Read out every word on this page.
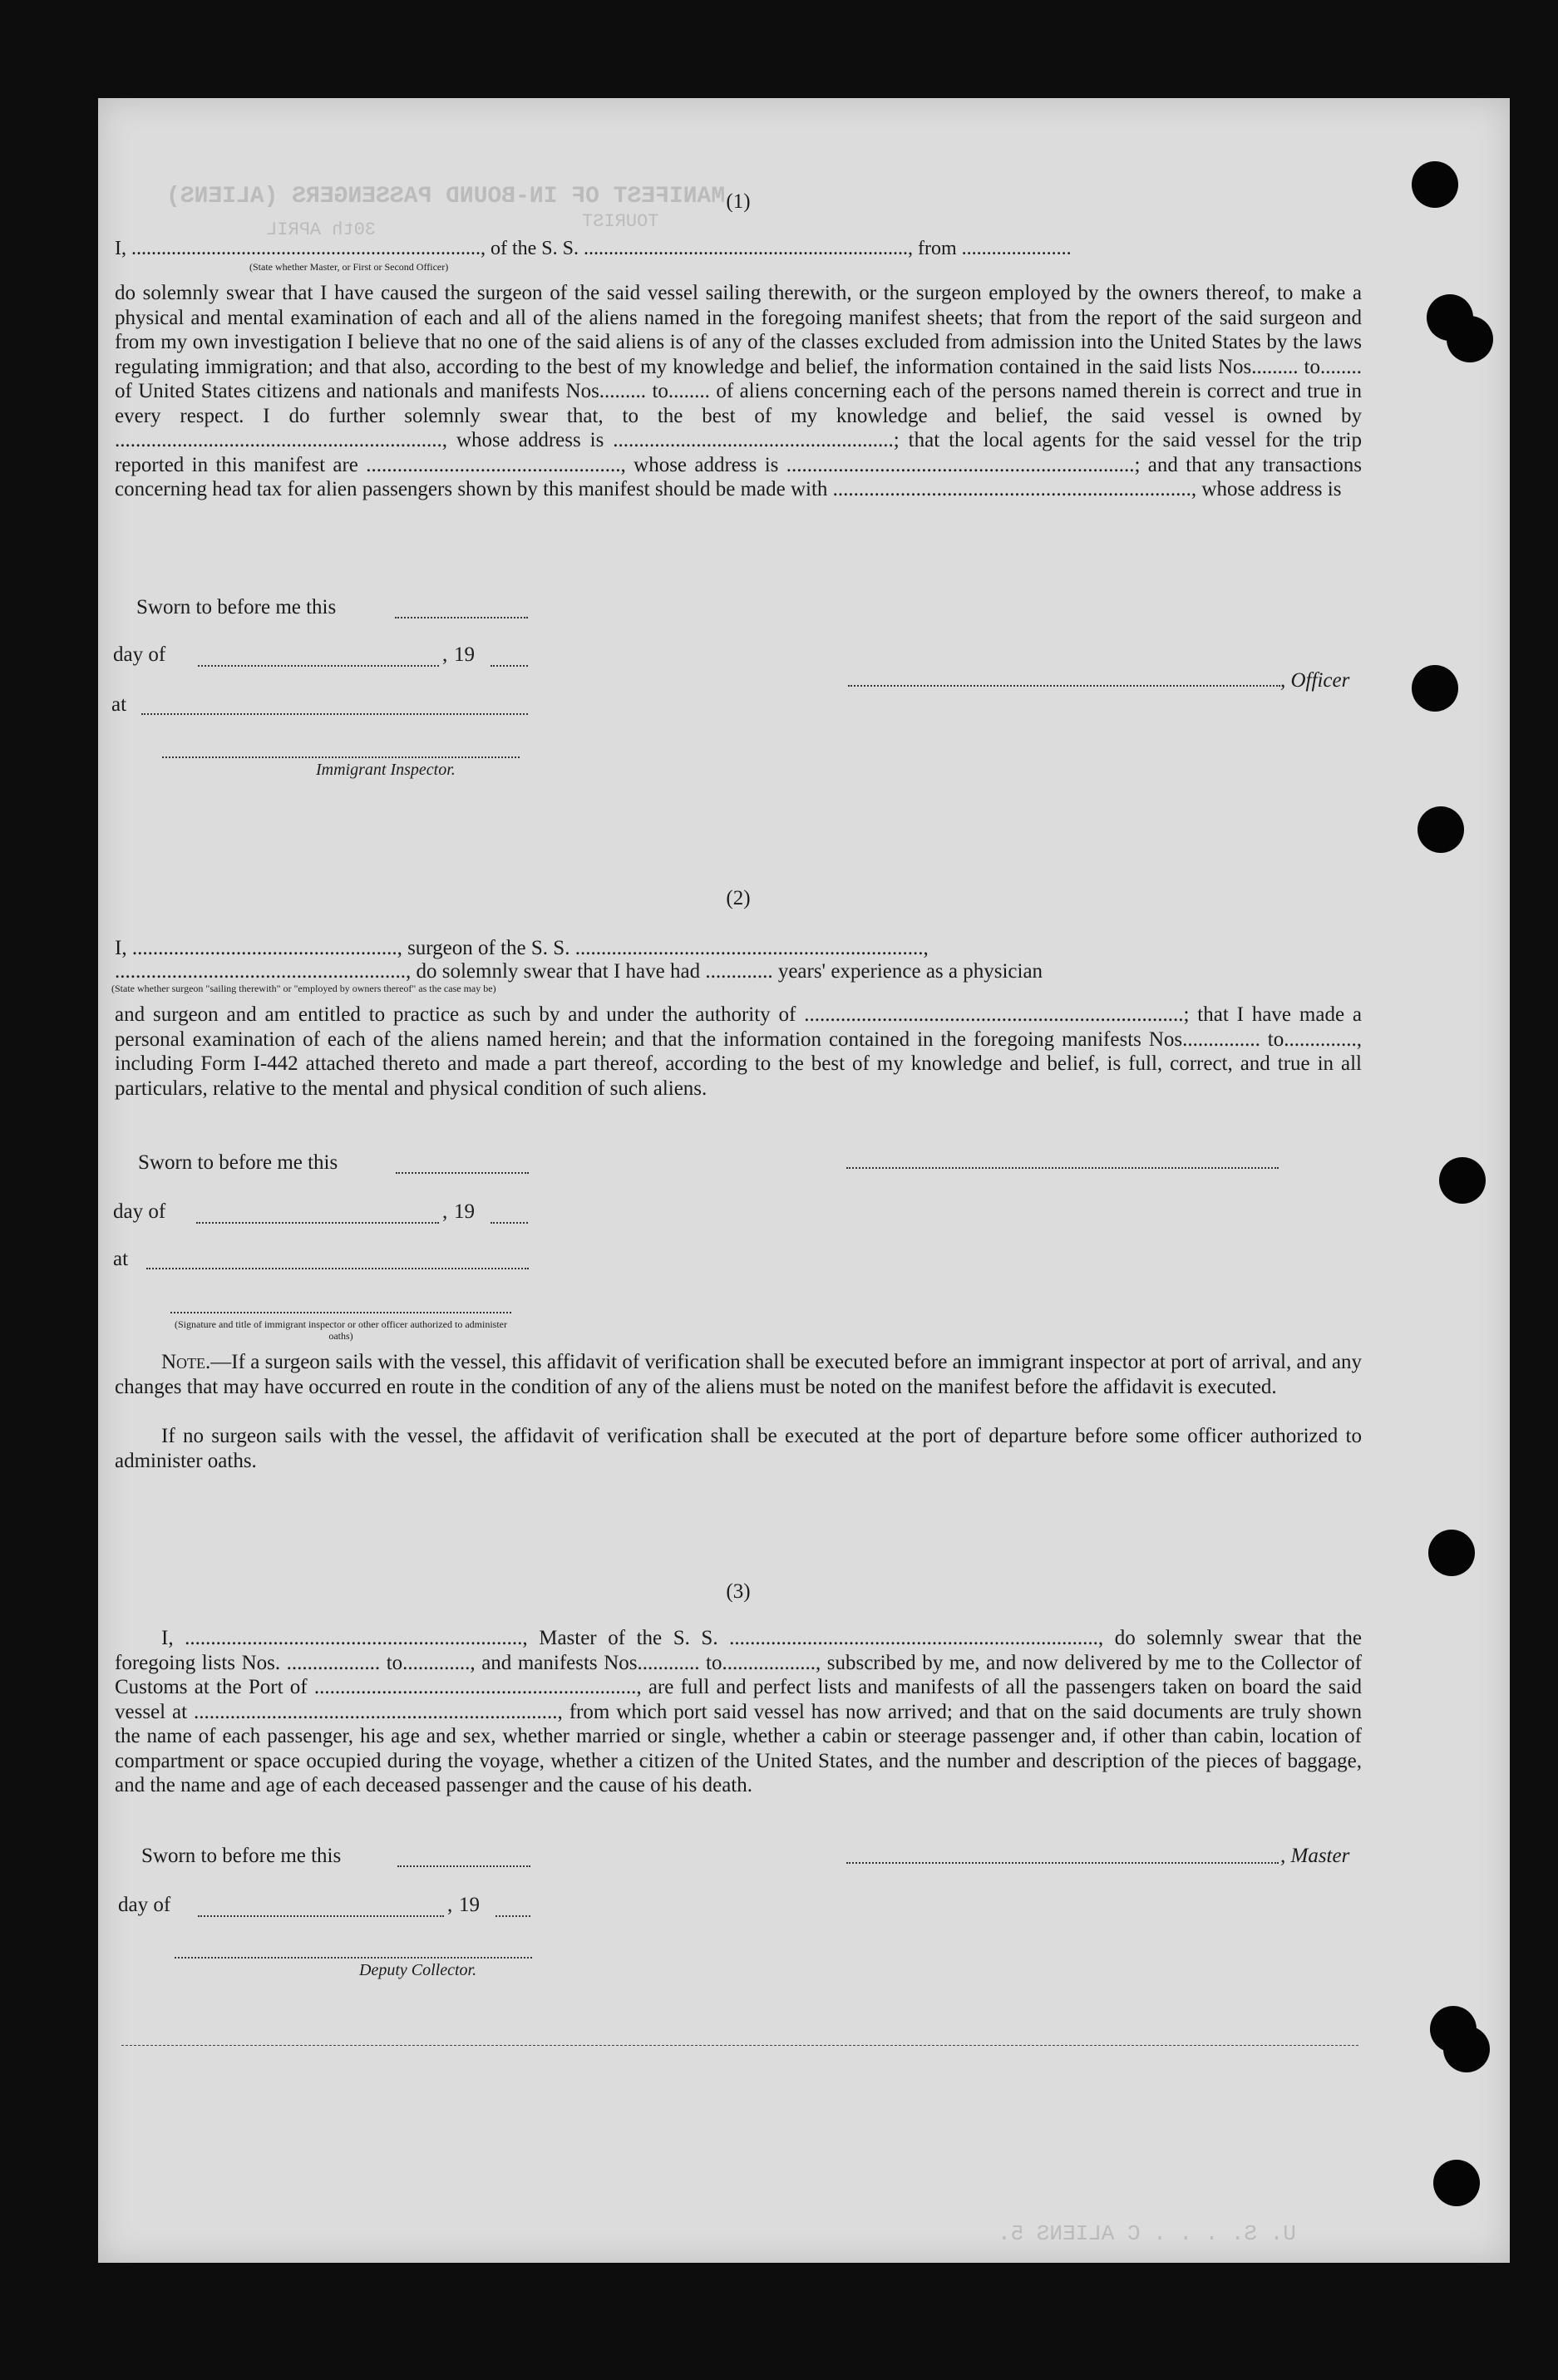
MANIFEST OF IN-BOUND PASSENGERS (ALIENS)
30th APRIL	TOURIST
U. S. . . . C ALIENS 5.
(1)
I, ......................................................................, of the S. S. ................................................................., from ......................
(State whether Master, or First or Second Officer)
do solemnly swear that I have caused the surgeon of the said vessel sailing therewith, or the surgeon employed by the owners thereof, to make a physical and mental examination of each and all of the aliens named in the foregoing manifest sheets; that from the report of the said surgeon and from my own investigation I believe that no one of the said aliens is of any of the classes excluded from admission into the United States by the laws regulating immigration; and that also, according to the best of my knowledge and belief, the information contained in the said lists Nos......... to........ of United States citizens and nationals and manifests Nos......... to........ of aliens concerning each of the persons named therein is correct and true in every respect. I do further solemnly swear that, to the best of my knowledge and belief, the said vessel is owned by ..............................................................., whose address is ......................................................; that the local agents for the said vessel for the trip reported in this manifest are ................................................., whose address is ...................................................................; and that any transactions concerning head tax for alien passengers shown by this manifest should be made with ....................................................................., whose address is
Sworn to before me this
day of	, 19
at
, Officer
Immigrant Inspector.
(2)
I, ..................................................., surgeon of the S. S. ...................................................................,
........................................................, do solemnly swear that I have had ............. years' experience as a physician
(State whether surgeon "sailing therewith" or "employed by owners thereof" as the case may be)
and surgeon and am entitled to practice as such by and under the authority of .........................................................................; that I have made a personal examination of each of the aliens named herein; and that the information contained in the foregoing manifests Nos............... to.............., including Form I-442 attached thereto and made a part thereof, according to the best of my knowledge and belief, is full, correct, and true in all particulars, relative to the mental and physical condition of such aliens.
Sworn to before me this
day of	, 19
at
(Signature and title of immigrant inspector or other officer authorized to administer oaths)
Note.—If a surgeon sails with the vessel, this affidavit of verification shall be executed before an immigrant inspector at port of arrival, and any changes that may have occurred en route in the condition of any of the aliens must be noted on the manifest before the affidavit is executed.
If no surgeon sails with the vessel, the affidavit of verification shall be executed at the port of departure before some officer authorized to administer oaths.
(3)
I, ................................................................., Master of the S. S. ......................................................................., do solemnly swear that the foregoing lists Nos. .................. to............., and manifests Nos............ to.................., subscribed by me, and now delivered by me to the Collector of Customs at the Port of .............................................................., are full and perfect lists and manifests of all the passengers taken on board the said vessel at ......................................................................, from which port said vessel has now arrived; and that on the said documents are truly shown the name of each passenger, his age and sex, whether married or single, whether a cabin or steerage passenger and, if other than cabin, location of compartment or space occupied during the voyage, whether a citizen of the United States, and the number and description of the pieces of baggage, and the name and age of each deceased passenger and the cause of his death.
Sworn to before me this	, Master
day of	, 19
Deputy Collector.
